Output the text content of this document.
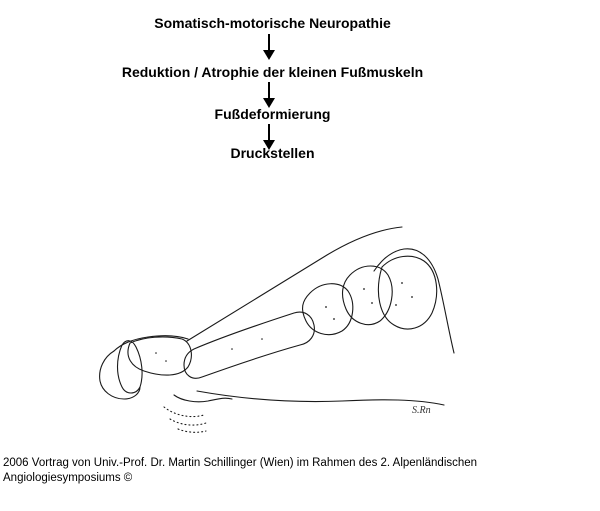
Somatisch-motorische Neuropathie
Reduktion / Atrophie der kleinen Fußmuskeln
Fußdeformierung
Druckstellen
S.Rn
2006 Vortrag von Univ.-Prof. Dr. Martin Schillinger (Wien) im Rahmen des 2. Alpenländischen
Angiologiesymposiums ©
